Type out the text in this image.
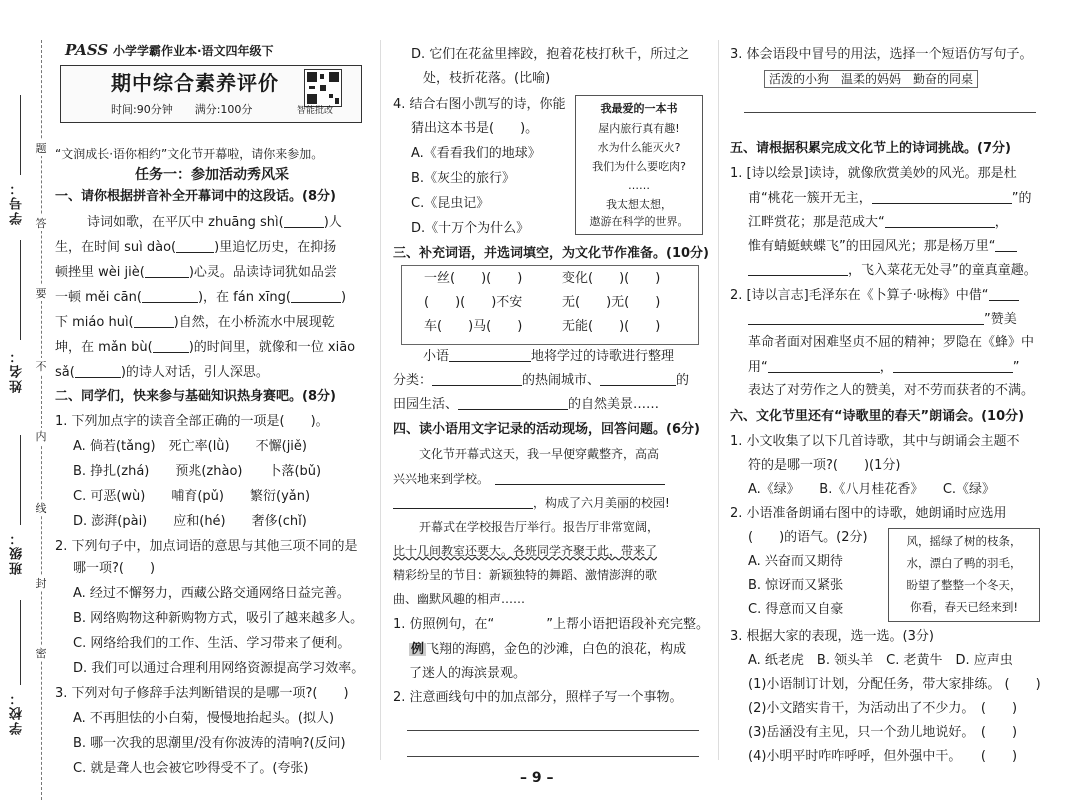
学校：
班级：
姓名：
学号：
题
答
要
不
内
线
封
密
PASS 小学学霸作业本·语文四年级下
期中综合素养评价
时间:90分钟　　满分:100分	智能批改
“文润成长·语你相约”文化节开幕啦，请你来参加。
任务一：参加活动秀风采
一、请你根据拼音补全开幕词中的这段话。(8分)
诗词如歌，在平仄中 zhuāng shì(	)人
生，在时间 suì dào(	)里追忆历史，在抑扬
顿挫里 wèi jiè(	)心灵。品读诗词犹如品尝
一顿 měi cān(	)，在 fán xīng(	)
下 miáo huì(	)自然，在小桥流水中展现乾
坤，在 mǎn bù(	)的时间里，就像和一位 xiāo
sǎ(	)的诗人对话，引人深思。
二、同学们，快来参与基础知识热身赛吧。(8分)
1. 下列加点字的读音全部正确的一项是(　　)。
A. 倘若(tǎng)　死亡率(lǜ)　　不懈(jiě)
B. 挣扎(zhá)　　预兆(zhào)　　卜落(bǔ)
C. 可恶(wù)　　哺育(pǔ)　　繁衍(yǎn)
D. 澎湃(pài)　　应和(hé)　　奢侈(chǐ)
2. 下列句子中，加点词语的意思与其他三项不同的是
哪一项?(　　)
A. 经过不懈努力，西藏公路交通网络日益完善。
B. 网络购物这种新购物方式，吸引了越来越多人。
C. 网络给我们的工作、生活、学习带来了便利。
D. 我们可以通过合理利用网络资源提高学习效率。
3. 下列对句子修辞手法判断错误的是哪一项?(　　)
A. 不再胆怯的小白菊，慢慢地抬起头。(拟人)
B. 哪一次我的思潮里/没有你波涛的清响?(反问)
C. 就是聋人也会被它吵得受不了。(夸张)
D. 它们在花盆里摔跤，抱着花枝打秋千，所过之
处，枝折花落。(比喻)
4. 结合右图小凯写的诗，你能
猜出这本书是(　　)。
A.《看看我们的地球》
B.《灰尘的旅行》
C.《昆虫记》
D.《十万个为什么》
我最爱的一本书
屋内旅行真有趣!
水为什么能灭火?
我们为什么要吃肉?
……
我太想太想，
遨游在科学的世界。
三、补充词语，并选词填空，为文化节作准备。(10分)
一丝(　　)(　　)	变化(　　)(　　)
(　　)(　　)不安	无(　　)无(　　)
车(　　)马(　　)	无能(　　)(　　)
小语	地将学过的诗歌进行整理
分类：	的热闹城市、	的
田园生活、	的自然美景……
四、读小语用文字记录的活动现场，回答问题。(6分)
文化节开幕式这天，我一早便穿戴整齐，高高
兴兴地来到学校。
，构成了六月美丽的校园!
开幕式在学校报告厅举行。报告厅非常宽阔，
比十几间教室还要大。各班同学齐聚于此，带来了
精彩纷呈的节目：新颖独特的舞蹈、激情澎湃的歌
曲、幽默风趣的相声……
1. 仿照例句，在“　　　　”上帮小语把语段补充完整。
例 飞翔的海鸥，金色的沙滩，白色的浪花，构成
了迷人的海滨景观。
2. 注意画线句中的加点部分，照样子写一个事物。
3. 体会语段中冒号的用法，选择一个短语仿写句子。
活泼的小狗　温柔的妈妈　勤奋的同桌
五、请根据积累完成文化节上的诗词挑战。(7分)
1. [诗以绘景]读诗，就像欣赏美妙的风光。那是杜
甫“桃花一簇开无主，	”的
江畔赏花；那是范成大“	，
惟有蜻蜓蛱蝶飞”的田园风光；那是杨万里“
，飞入菜花无处寻”的童真童趣。
2. [诗以言志]毛泽东在《卜算子·咏梅》中借“
”赞美
革命者面对困难坚贞不屈的精神；罗隐在《蜂》中
用“	，	”
表达了对劳作之人的赞美，对不劳而获者的不满。
六、文化节里还有“诗歌里的春天”朗诵会。(10分)
1. 小文收集了以下几首诗歌，其中与朗诵会主题不
符的是哪一项?(　　)(1分)
A.《绿》　　B.《八月桂花香》　　C.《绿》
2. 小语准备朗诵右图中的诗歌，她朗诵时应选用
(　　)的语气。(2分)
A. 兴奋而又期待
B. 惊讶而又紧张
C. 得意而又自豪
风，摇绿了树的枝条，
水，漂白了鸭的羽毛，
盼望了整整一个冬天，
你看，春天已经来到!
3. 根据大家的表现，选一选。(3分)
A. 纸老虎　B. 领头羊　C. 老黄牛　D. 应声虫
(1)小语制订计划，分配任务，带大家排练。 (　　)
(2)小文踏实肯干，为活动出了不少力。　(　　)
(3)岳涵没有主见，只一个劲儿地说好。　(　　)
(4)小明平时咋咋呼呼，但外强中干。　　(　　)
– 9 –
